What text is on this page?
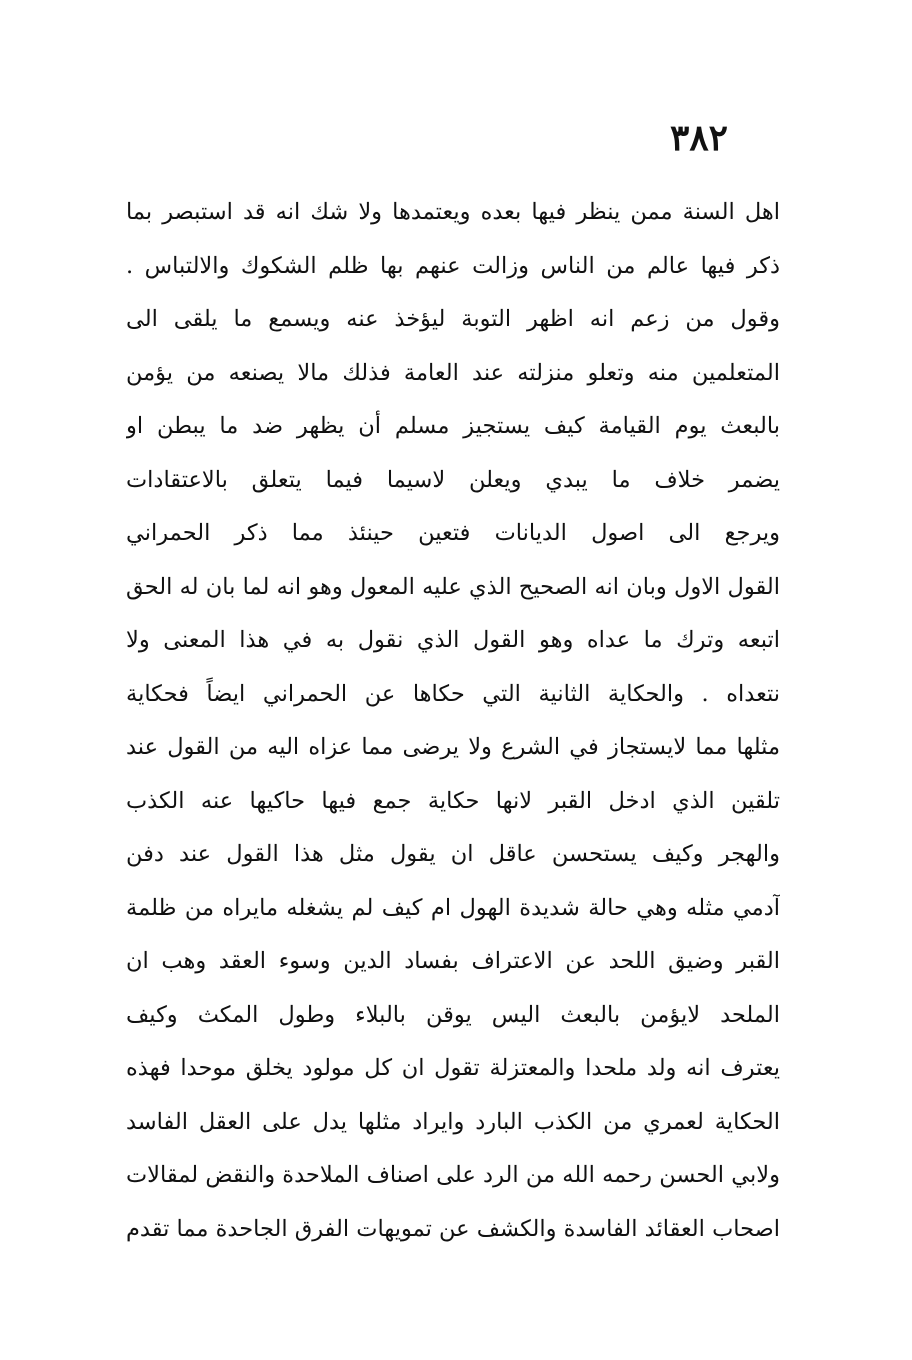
٣٨٢
اهل السنة ممن ينظر فيها بعده ويعتمدها ولا شك انه قد استبصر بما
ذكر فيها عالم من الناس وزالت عنهم بها ظلم الشكوك والالتباس .
وقول من زعم انه اظهر التوبة ليؤخذ عنه ويسمع ما يلقى الى
المتعلمين منه وتعلو منزلته عند العامة فذلك مالا يصنعه من يؤمن
بالبعث يوم القيامة كيف يستجيز مسلم أن يظهر ضد ما يبطن او
يضمر خلاف ما يبدي ويعلن لاسيما فيما يتعلق بالاعتقادات
ويرجع الى اصول الديانات فتعين حينئذ مما ذكر الحمراني
القول الاول وبان انه الصحيح الذي عليه المعول وهو انه لما بان له الحق
اتبعه وترك ما عداه وهو القول الذي نقول به في هذا المعنى ولا
نتعداه . والحكاية الثانية التي حكاها عن الحمراني ايضاً فحكاية
مثلها مما لايستجاز في الشرع ولا يرضى مما عزاه اليه من القول عند
تلقين الذي ادخل القبر لانها حكاية جمع فيها حاكيها عنه الكذب
والهجر وكيف يستحسن عاقل ان يقول مثل هذا القول عند دفن
آدمي مثله وهي حالة شديدة الهول ام كيف لم يشغله مايراه من ظلمة
القبر وضيق اللحد عن الاعتراف بفساد الدين وسوء العقد وهب ان
الملحد لايؤمن بالبعث اليس يوقن بالبلاء وطول المكث وكيف
يعترف انه ولد ملحدا والمعتزلة تقول ان كل مولود يخلق موحدا فهذه
الحكاية لعمري من الكذب البارد وايراد مثلها يدل على العقل الفاسد
ولابي الحسن رحمه الله من الرد على اصناف الملاحدة والنقض لمقالات
اصحاب العقائد الفاسدة والكشف عن تمويهات الفرق الجاحدة مما تقدم
